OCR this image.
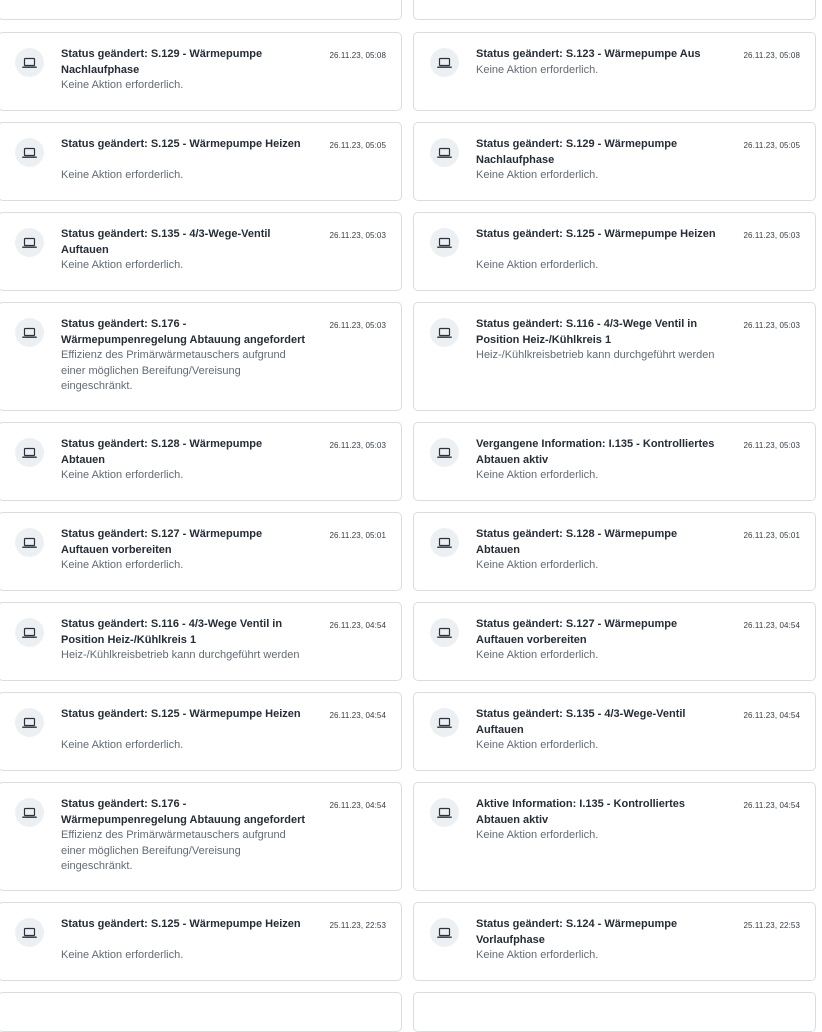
Status geändert: S.129 - Wärmepumpe Nachlaufphase
26.11.23, 05:08
Keine Aktion erforderlich.
Status geändert: S.123 - Wärmepumpe Aus	26.11.23, 05:08
Keine Aktion erforderlich.
Status geändert: S.125 - Wärmepumpe Heizen	26.11.23, 05:05
Keine Aktion erforderlich.
Status geändert: S.129 - Wärmepumpe Nachlaufphase
26.11.23, 05:05
Keine Aktion erforderlich.
Status geändert: S.135 - 4/3-Wege-Ventil Auftauen
26.11.23, 05:03
Keine Aktion erforderlich.
Status geändert: S.125 - Wärmepumpe Heizen	26.11.23, 05:03
Keine Aktion erforderlich.
Status geändert: S.176 - Wärmepumpenregelung Abtauung angefordert
26.11.23, 05:03
Effizienz des Primärwärmetauschers aufgrund einer möglichen Bereifung/Vereisung eingeschränkt.
Status geändert: S.116 - 4/3-Wege Ventil in Position Heiz-/Kühlkreis 1
26.11.23, 05:03
Heiz-/Kühlkreisbetrieb kann durchgeführt werden
Status geändert: S.128 - Wärmepumpe Abtauen
26.11.23, 05:03
Keine Aktion erforderlich.
Vergangene Information: I.135 - Kontrolliertes Abtauen aktiv
26.11.23, 05:03
Keine Aktion erforderlich.
Status geändert: S.127 - Wärmepumpe Auftauen vorbereiten
26.11.23, 05:01
Keine Aktion erforderlich.
Status geändert: S.128 - Wärmepumpe Abtauen
26.11.23, 05:01
Keine Aktion erforderlich.
Status geändert: S.116 - 4/3-Wege Ventil in Position Heiz-/Kühlkreis 1
26.11.23, 04:54
Heiz-/Kühlkreisbetrieb kann durchgeführt werden
Status geändert: S.127 - Wärmepumpe Auftauen vorbereiten
26.11.23, 04:54
Keine Aktion erforderlich.
Status geändert: S.125 - Wärmepumpe Heizen	26.11.23, 04:54
Keine Aktion erforderlich.
Status geändert: S.135 - 4/3-Wege-Ventil Auftauen
26.11.23, 04:54
Keine Aktion erforderlich.
Status geändert: S.176 - Wärmepumpenregelung Abtauung angefordert
26.11.23, 04:54
Effizienz des Primärwärmetauschers aufgrund einer möglichen Bereifung/Vereisung eingeschränkt.
Aktive Information: I.135 - Kontrolliertes Abtauen aktiv
26.11.23, 04:54
Keine Aktion erforderlich.
Status geändert: S.125 - Wärmepumpe Heizen	25.11.23, 22:53
Keine Aktion erforderlich.
Status geändert: S.124 - Wärmepumpe Vorlaufphase
25.11.23, 22:53
Keine Aktion erforderlich.
